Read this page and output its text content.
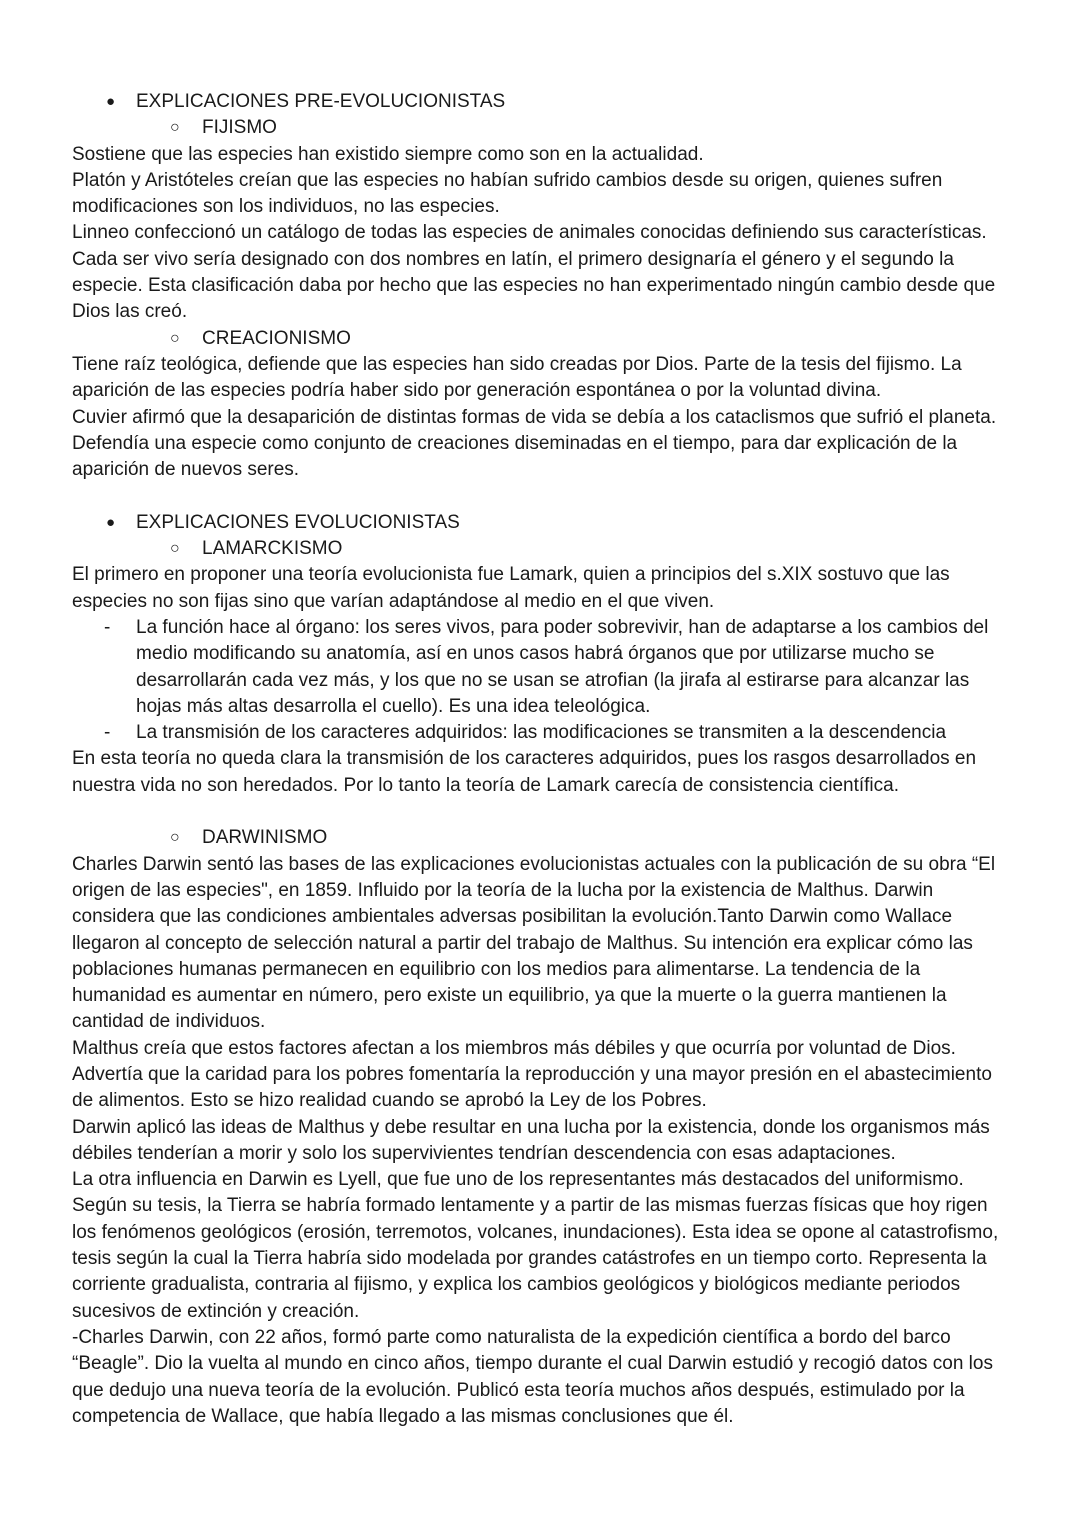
● EXPLICACIONES PRE-EVOLUCIONISTAS
○ FIJISMO

Sostiene que las especies han existido siempre como son en la actualidad.

Platón y Aristóteles creían que las especies no habían sufrido cambios desde su origen, quienes sufren modificaciones son los individuos, no las especies.

Linneo confeccionó un catálogo de todas las especies de animales conocidas definiendo sus características. Cada ser vivo sería designado con dos nombres en latín, el primero designaría el género y el segundo la especie. Esta clasificación daba por hecho que las especies no han experimentado ningún cambio desde que Dios las creó.

○ CREACIONISMO

Tiene raíz teológica, defiende que las especies han sido creadas por Dios. Parte de la tesis del fijismo. La aparición de las especies podría haber sido por generación espontánea o por la voluntad divina.

Cuvier afirmó que la desaparición de distintas formas de vida se debía a los cataclismos que sufrió el planeta. Defendía una especie como conjunto de creaciones diseminadas en el tiempo, para dar explicación de la aparición de nuevos seres.

● EXPLICACIONES EVOLUCIONISTAS
○ LAMARCKISMO

El primero en proponer una teoría evolucionista fue Lamark, quien a principios del s.XIX sostuvo que las especies no son fijas sino que varían adaptándose al medio en el que viven.

- La función hace al órgano: los seres vivos, para poder sobrevivir, han de adaptarse a los cambios del medio modificando su anatomía, así en unos casos habrá órganos que por utilizarse mucho se desarrollarán cada vez más, y los que no se usan se atrofian (la jirafa al estirarse para alcanzar las hojas más altas desarrolla el cuello). Es una idea teleológica.
- La transmisión de los caracteres adquiridos: las modificaciones se transmiten a la descendencia

En esta teoría no queda clara la transmisión de los caracteres adquiridos, pues los rasgos desarrollados en nuestra vida no son heredados. Por lo tanto la teoría de Lamark carecía de consistencia científica.

○ DARWINISMO

Charles Darwin sentó las bases de las explicaciones evolucionistas actuales con la publicación de su obra “El origen de las especies", en 1859. Influido por la teoría de la lucha por la existencia de Malthus. Darwin considera que las condiciones ambientales adversas posibilitan la evolución.Tanto Darwin como Wallace llegaron al concepto de selección natural a partir del trabajo de Malthus. Su intención era explicar cómo las poblaciones humanas permanecen en equilibrio con los medios para alimentarse. La tendencia de la humanidad es aumentar en número, pero existe un equilibrio, ya que la muerte o la guerra mantienen la cantidad de individuos.

Malthus creía que estos factores afectan a los miembros más débiles y que ocurría por voluntad de Dios. Advertía que la caridad para los pobres fomentaría la reproducción y una mayor presión en el abastecimiento de alimentos. Esto se hizo realidad cuando se aprobó la Ley de los Pobres.

Darwin aplicó las ideas de Malthus y debe resultar en una lucha por la existencia, donde los organismos más débiles tenderían a morir y solo los supervivientes tendrían descendencia con esas adaptaciones.

La otra influencia en Darwin es Lyell, que fue uno de los representantes más destacados del uniformismo. Según su tesis, la Tierra se habría formado lentamente y a partir de las mismas fuerzas físicas que hoy rigen los fenómenos geológicos (erosión, terremotos, volcanes, inundaciones). Esta idea se opone al catastrofismo, tesis según la cual la Tierra habría sido modelada por grandes catástrofes en un tiempo corto. Representa la corriente gradualista, contraria al fijismo, y explica los cambios geológicos y biológicos mediante periodos sucesivos de extinción y creación.

-Charles Darwin, con 22 años, formó parte como naturalista de la expedición científica a bordo del barco “Beagle”. Dio la vuelta al mundo en cinco años, tiempo durante el cual Darwin estudió y recogió datos con los que dedujo una nueva teoría de la evolución. Publicó esta teoría muchos años después, estimulado por la competencia de Wallace, que había llegado a las mismas conclusiones que él.
